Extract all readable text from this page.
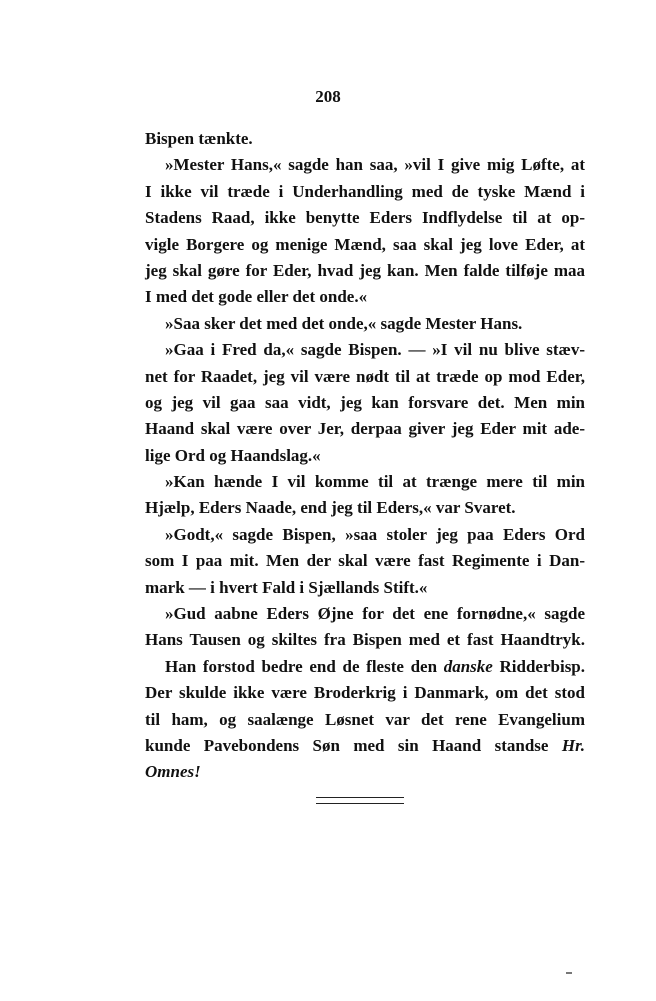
208
Bispen tænkte.
»Mester Hans,« sagde han saa, »vil I give mig Løfte, at
I ikke vil træde i Underhandling med de tyske Mænd i
Stadens Raad, ikke benytte Eders Indflydelse til at op-
vigle Borgere og menige Mænd, saa skal jeg love Eder, at
jeg skal gøre for Eder, hvad jeg kan. Men falde tilføje maa
I med det gode eller det onde.«
»Saa sker det med det onde,« sagde Mester Hans.
»Gaa i Fred da,« sagde Bispen. — »I vil nu blive stæv-
net for Raadet, jeg vil være nødt til at træde op mod Eder,
og jeg vil gaa saa vidt, jeg kan forsvare det. Men min
Haand skal være over Jer, derpaa giver jeg Eder mit ade-
lige Ord og Haandslag.«
»Kan hænde I vil komme til at trænge mere til min
Hjælp, Eders Naade, end jeg til Eders,« var Svaret.
»Godt,« sagde Bispen, »saa stoler jeg paa Eders Ord
som I paa mit. Men der skal være fast Regimente i Dan-
mark — i hvert Fald i Sjællands Stift.«
»Gud aabne Eders Øjne for det ene fornødne,« sagde
Hans Tausen og skiltes fra Bispen med et fast Haandtryk.
Han forstod bedre end de fleste den danske Ridderbisp.
Der skulde ikke være Broderkrig i Danmark, om det stod
til ham, og saalænge Løsnet var det rene Evangelium
kunde Pavebondens Søn med sin Haand standse Hr.
Omnes!
